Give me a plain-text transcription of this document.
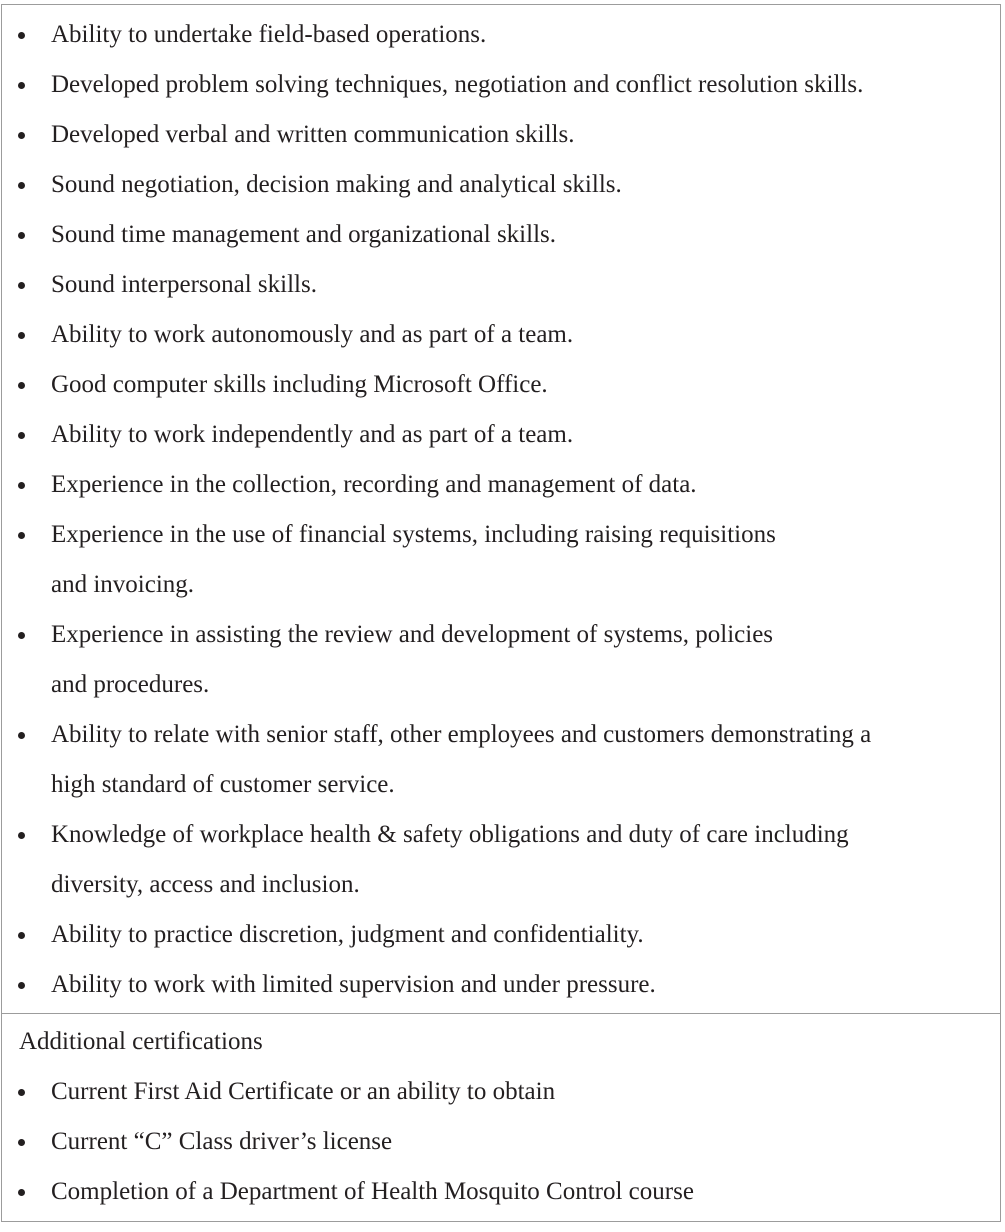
Ability to undertake field-based operations.
Developed problem solving techniques, negotiation and conflict resolution skills.
Developed verbal and written communication skills.
Sound negotiation, decision making and analytical skills.
Sound time management and organizational skills.
Sound interpersonal skills.
Ability to work autonomously and as part of a team.
Good computer skills including Microsoft Office.
Ability to work independently and as part of a team.
Experience in the collection, recording and management of data.
Experience in the use of financial systems, including raising requisitions
and invoicing.
Experience in assisting the review and development of systems, policies
and procedures.
Ability to relate with senior staff, other employees and customers demonstrating a
high standard of customer service.
Knowledge of workplace health & safety obligations and duty of care including
diversity, access and inclusion.
Ability to practice discretion, judgment and confidentiality.
Ability to work with limited supervision and under pressure.
Additional certifications
Current First Aid Certificate or an ability to obtain
Current “C” Class driver’s license
Completion of a Department of Health Mosquito Control course
